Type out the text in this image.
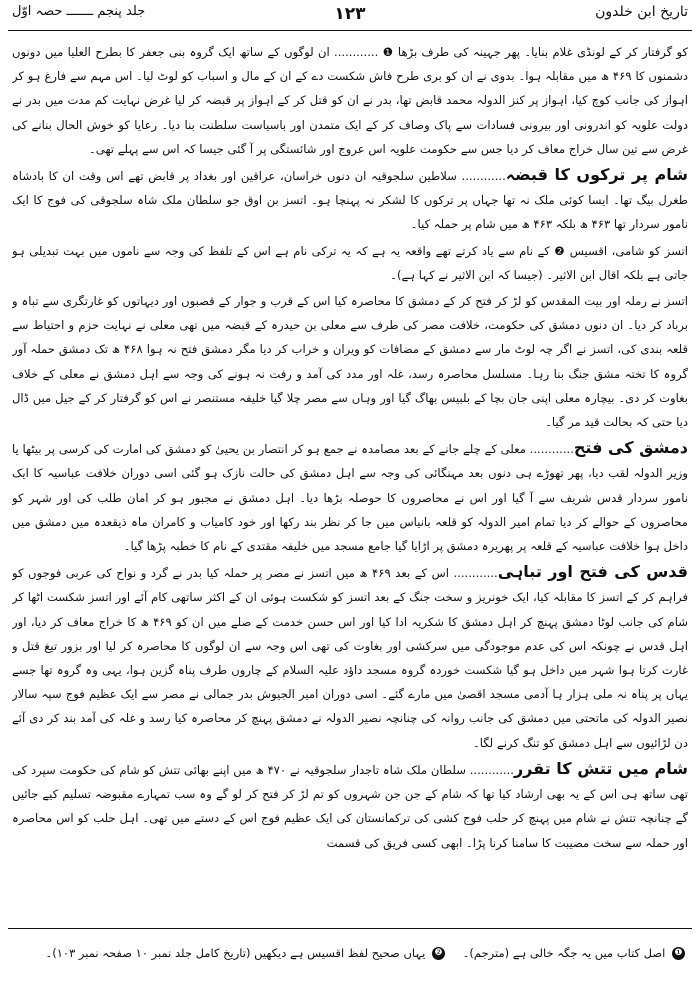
تاریخ ابن خلدون
۱۲۳
جلد پنجم ـــــــ حصہ اوّل

کو گرفتار کر کے لونڈی غلام بنایا۔ پھر جہینہ کی طرف بڑھا ❶ ............ ان لوگوں کے ساتھ ایک گروہ بنی جعفر کا بطرح العلیا میں دونوں دشمنوں کا ۴۶۹ ھ میں مقابلہ ہوا۔ بدوی نے ان کو بری طرح فاش شکست دے کے ان کے مال و اسباب کو لوٹ لیا۔ اس مہم سے فارغ ہو کر اہواز کی جانب کوچ کیا، اہواز پر کنز الدولہ محمد قابض تھا، بدر نے ان کو قتل کر کے اہواز پر قبضہ کر لیا غرض نہایت کم مدت میں بدر نے دولت علویہ کو اندرونی اور بیرونی فسادات سے پاک وصاف کر کے ایک متمدن اور باسیاست سلطنت بنا دیا۔ رعایا کو خوش الحال بنانے کی غرض سے تین سال خراج معاف کر دیا جس سے حکومت علویہ اس عروج اور شائستگی پر آ گئی جیسا کہ اس سے پہلے تھی۔

شام پر ترکوں کا قبضہ............ سلاطین سلجوقیہ ان دنوں خراسان، عراقین اور بغداد پر قابض تھے اس وقت ان کا بادشاہ طغرل بیگ تھا۔ ایسا کوئی ملک نہ تھا جہاں پر ترکوں کا لشکر نہ پہنچا ہو۔ اتسز بن اوق جو سلطان ملک شاہ سلجوقی کی فوج کا ایک نامور سردار تھا ۴۶۳ ھ بلکہ ۴۶۳ ھ میں شام پر حملہ کیا۔

اتسز کو شامی، اقسیس ❷ کے نام سے یاد کرتے تھے واقعہ یہ ہے کہ یہ ترکی نام ہے اس کے تلفظ کی وجہ سے ناموں میں بہت تبدیلی ہو جاتی ہے بلکہ اقال ابن الاثیر۔ (جیسا کہ ابن الاثیر نے کہا ہے)۔

اتسز نے رملہ اور بیت المقدس کو لڑ کر فتح کر کے دمشق کا محاصرہ کیا اس کے قرب و جوار کے قصبوں اور دیہاتوں کو غارتگری سے تباہ و برباد کر دیا۔ ان دنوں دمشق کی حکومت، خلافت مصر کی طرف سے معلی بن حیدرہ کے قبضہ میں تھی معلی نے نہایت حزم و احتیاط سے قلعہ بندی کی، اتسز نے اگر چہ لوٹ مار سے دمشق کے مضافات کو ویران و خراب کر دیا مگر دمشق فتح نہ ہوا ۴۶۸ ھ تک دمشق حملہ آور گروہ کا تختہ مشق جنگ بنا رہا۔ مسلسل محاصرہ رسد، غلہ اور مدد کی آمد و رفت نہ ہونے کی وجہ سے اہل دمشق نے معلی کے خلاف بغاوت کر دی۔ بیچارہ معلی اپنی جان بچا کے بلبیس بھاگ گیا اور وہاں سے مصر چلا گیا خلیفہ مستنصر نے اس کو گرفتار کر کے جیل میں ڈال دیا حتی کہ بحالت قید مر گیا۔

دمشق کی فتح............ معلی کے چلے جانے کے بعد مصامدہ نے جمع ہو کر انتصار بن یحییٰ کو دمشق کی امارت کی کرسی پر بیٹھا یا وزیر الدولہ لقب دیا، پھر تھوڑے ہی دنوں بعد مہنگائی کی وجہ سے اہل دمشق کی حالت نازک ہو گئی اسی دوران خلافت عباسیہ کا ایک نامور سردار قدس شریف سے آ گیا اور اس نے محاصروں کا حوصلہ بڑھا دیا۔ اہل دمشق نے مجبور ہو کر امان طلب کی اور شہر کو محاصروں کے حوالے کر دیا تمام امیر الدولہ کو قلعہ بانیاس میں جا کر نظر بند رکھا اور خود کامیاب و کامران ماہ ذیقعدہ میں دمشق میں داخل ہوا خلافت عباسیہ کے قلعہ پر پھریرہ دمشق پر اڑایا گیا جامع مسجد میں خلیفہ مقتدی کے نام کا خطبہ پڑھا گیا۔

قدس کی فتح اور تباہی............ اس کے بعد ۴۶۹ ھ میں اتسز نے مصر پر حملہ کیا بدر نے گرد و نواح کی عربی فوجوں کو فراہم کر کے اتسز کا مقابلہ کیا، ایک خونریز و سخت جنگ کے بعد اتسز کو شکست ہوئی ان کے اکثر ساتھی کام آئے اور اتسز شکست اٹھا کر شام کی جانب لوٹا دمشق پہنچ کر اہل دمشق کا شکریہ ادا کیا اور اس حسن خدمت کے صلے میں ان کو ۴۶۹ ھ کا خراج معاف کر دیا، اور اہل قدس نے چونکہ اس کی عدم موجودگی میں سرکشی اور بغاوت کی تھی اس وجہ سے ان لوگوں کا محاصرہ کر لیا اور بزور تیغ قتل و غارت کرتا ہوا شہر میں داخل ہو گیا شکست خوردہ گروہ مسجد داؤد علیہ السلام کے چاروں طرف پناہ گزین ہوا، یہی وہ گروہ تھا جسے یہاں پر پناہ نہ ملی ہزار ہا آدمی مسجد اقصیٰ میں مارے گئے۔ اسی دوران امیر الجیوش بدر جمالی نے مصر سے ایک عظیم فوج سپہ سالار نصیر الدولہ کی ماتحتی میں دمشق کی جانب روانہ کی چنانچہ نصیر الدولہ نے دمشق پہنچ کر محاصرہ کیا رسد و غلہ کی آمد بند کر دی آئے دن لڑائیوں سے اہل دمشق کو تنگ کرنے لگا۔

شام میں تتش کا تقرر............ سلطان ملک شاہ تاجدار سلجوقیہ نے ۴۷۰ ھ میں اپنے بھائی تتش کو شام کی حکومت سپرد کی تھی ساتھ ہی اس کے یہ بھی ارشاد کیا تھا کہ شام کے جن جن شہروں کو تم لڑ کر فتح کر لو گے وہ سب تمہارے مقبوضہ تسلیم کیے جائیں گے چنانچہ تتش نے شام میں پہنچ کر حلب فوج کشی کی ترکمانستان کی ایک عظیم فوج اس کے دستے میں تھی۔ اہل حلب کو اس محاصرہ اور حملہ سے سخت مصیبت کا سامنا کرنا پڑا۔ ابھی کسی فریق کی قسمت

❶ اصل کتاب میں یہ جگہ خالی ہے (مترجم)۔    ❷ یہاں صحیح لفظ اقسیس ہے دیکھیں (تاریخ کامل جلد نمبر ۱۰ صفحہ نمبر ۱۰۳)۔
